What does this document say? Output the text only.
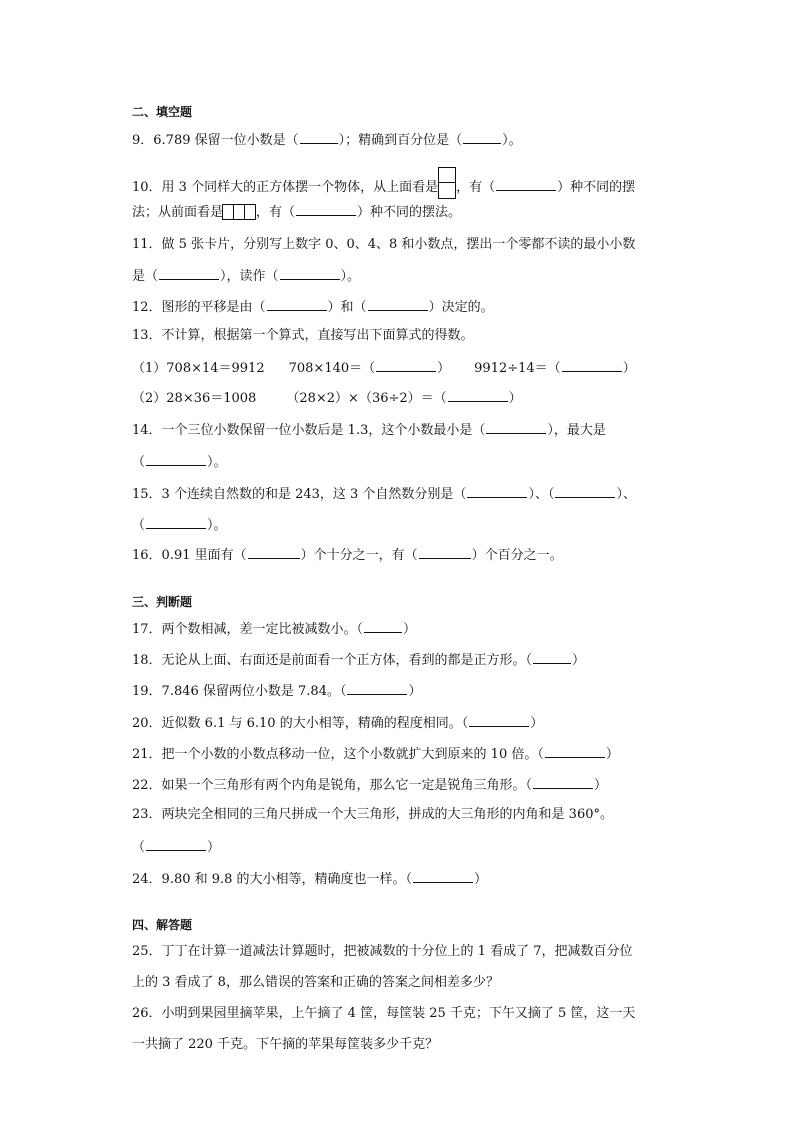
二、填空题
9．6.789 保留一位小数是（	）；精确到百分位是（	）。
10．用 3 个同样大的正方体摆一个物体，从上面看是 ，有（	）种不同的摆
法；从前面看是	，有（	）种不同的摆法。
11．做 5 张卡片，分别写上数字 0、0、4、8 和小数点，摆出一个零都不读的最小小数
是（	），读作（	）。
12．图形的平移是由（	）和（	）决定的。
13．不计算，根据第一个算式，直接写出下面算式的得数。
（1）708×14＝9912 708×140＝（	） 9912÷14＝（	）
（2）28×36＝1008 （28×2）×（36÷2）＝（	）
14．一个三位小数保留一位小数后是 1.3，这个小数最小是（	），最大是
（	）。
15．3 个连续自然数的和是 243，这 3 个自然数分别是（	）、（	）、
（	）。
16．0.91 里面有（	）个十分之一，有（	）个百分之一。
三、判断题
17．两个数相减，差一定比被减数小。（	）
18．无论从上面、右面还是前面看一个正方体，看到的都是正方形。（	）
19．7.846 保留两位小数是 7.84。（	）
20．近似数 6.1 与 6.10 的大小相等，精确的程度相同。（	）
21．把一个小数的小数点移动一位，这个小数就扩大到原来的 10 倍。（	）
22．如果一个三角形有两个内角是锐角，那么它一定是锐角三角形。（	）
23．两块完全相同的三角尺拼成一个大三角形，拼成的大三角形的内角和是 360°。
（	）
24．9.80 和 9.8 的大小相等，精确度也一样。（	）
四、解答题
25．丁丁在计算一道减法计算题时，把被减数的十分位上的 1 看成了 7，把减数百分位
上的 3 看成了 8，那么错误的答案和正确的答案之间相差多少？
26．小明到果园里摘苹果，上午摘了 4 筐，每筐装 25 千克；下午又摘了 5 筐，这一天
一共摘了 220 千克。下午摘的苹果每筐装多少千克？
